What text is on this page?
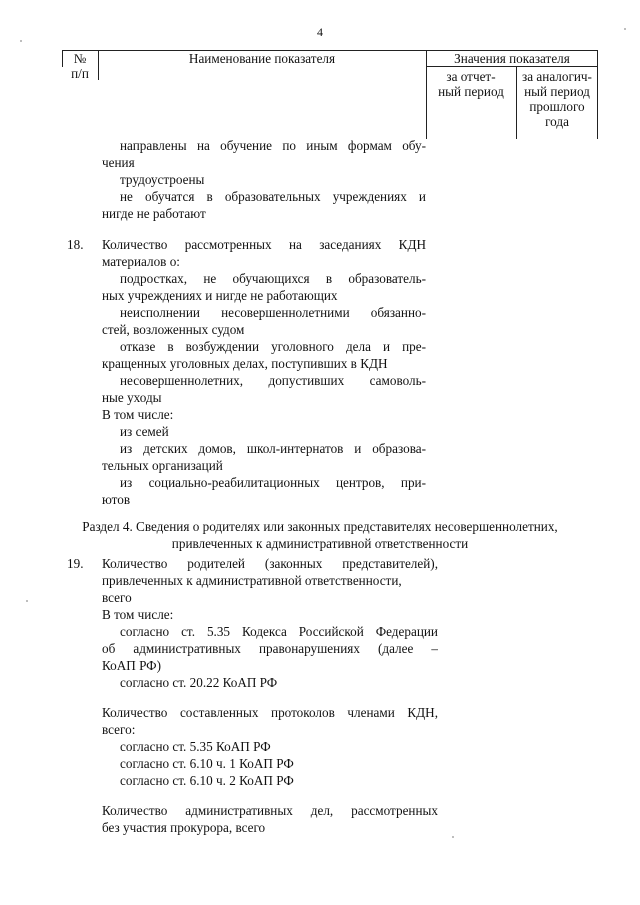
4
№
п/п
Наименование показателя	Значения показателя
за отчет-
ный период
за аналогич-
ный период
прошлого
года
направлены на обучение по иным формам обу-
чения
трудоустроены
не обучатся в образовательных учреждениях и
нигде не работают
18. Количество рассмотренных на заседаниях КДН
материалов о:
подростках, не обучающихся в образователь-
ных учреждениях и нигде не работающих
неисполнении несовершеннолетними обязанно-
стей, возложенных судом
отказе в возбуждении уголовного дела и пре-
кращенных уголовных делах, поступивших в КДН
несовершеннолетних, допустивших самоволь-
ные уходы
В том числе:
из семей
из детских домов, школ-интернатов и образова-
тельных организаций
из социально-реабилитационных центров, при-
ютов
Раздел 4. Сведения о родителях или законных представителях несовершеннолетних,
привлеченных к административной ответственности
19. Количество родителей (законных представителей),
привлеченных к административной ответственности,
всего
В том числе:
согласно ст. 5.35 Кодекса Российской Федерации
об административных правонарушениях (далее –
КоАП РФ)
согласно ст. 20.22 КоАП РФ
Количество составленных протоколов членами КДН,
всего:
согласно ст. 5.35 КоАП РФ
согласно ст. 6.10 ч. 1 КоАП РФ
согласно ст. 6.10 ч. 2 КоАП РФ
Количество административных дел, рассмотренных
без участия прокурора, всего
